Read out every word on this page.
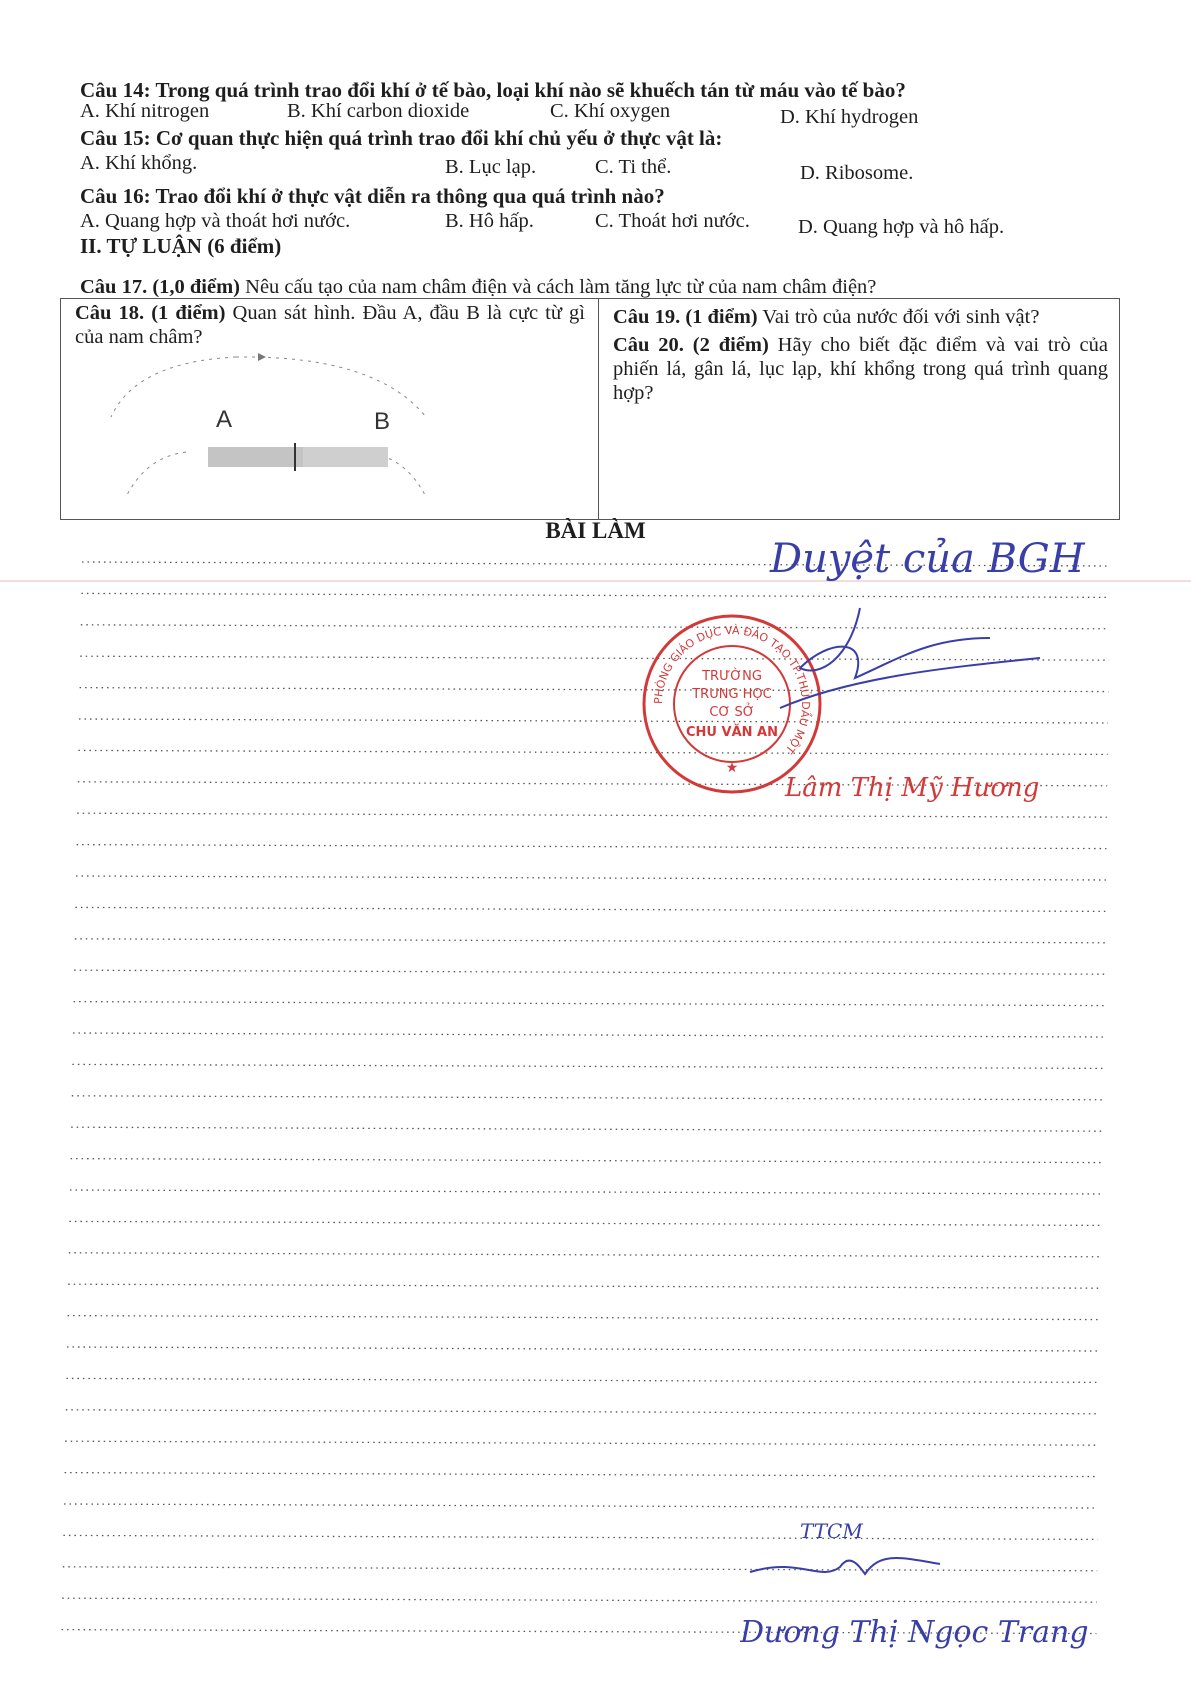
Câu 14: Trong quá trình trao đổi khí ở tế bào, loại khí nào sẽ khuếch tán từ máu vào tế bào?
A. Khí nitrogen	B. Khí carbon dioxide	C. Khí oxygen	D. Khí hydrogen
Câu 15: Cơ quan thực hiện quá trình trao đổi khí chủ yếu ở thực vật là:
A. Khí khổng.	B. Lục lạp.	C. Ti thể.	D. Ribosome.
Câu 16: Trao đổi khí ở thực vật diễn ra thông qua quá trình nào?
A. Quang hợp và thoát hơi nước.	B. Hô hấp.	C. Thoát hơi nước. D. Quang hợp và hô hấp.
II. TỰ LUẬN (6 điểm)
Câu 17. (1,0 điểm) Nêu cấu tạo của nam châm điện và cách làm tăng lực từ của nam châm điện?
Câu 18. (1 điểm) Quan sát hình. Đầu A, đầu B là cực từ gì của nam châm?
A	B
Câu 19. (1 điểm) Vai trò của nước đối với sinh vật?
Câu 20. (2 điểm) Hãy cho biết đặc điểm và vai trò của phiến lá, gân lá, lục lạp, khí khổng trong quá trình quang hợp?
BÀI LÀM
Duyệt của BGH
PHÒNG GIÁO DỤC VÀ ĐÀO TẠO TP.THỦ DẦU MỘT
TRƯỜNG
TRUNG HỌC
CƠ SỞ
CHU VĂN AN
★
Lâm Thị Mỹ Hương
TTCM
Dương Thị Ngọc Trang
